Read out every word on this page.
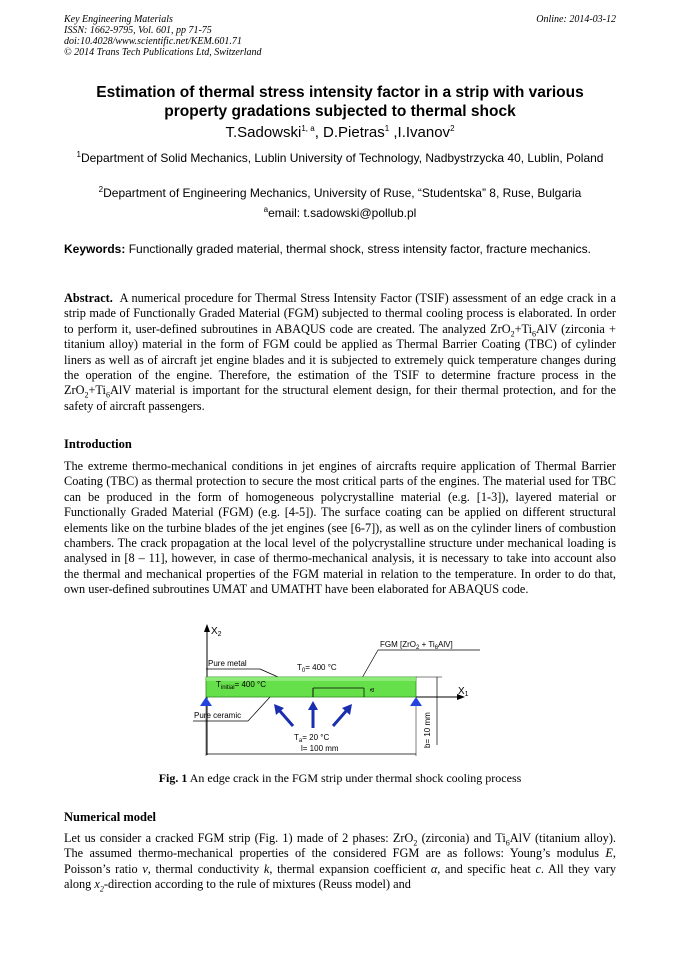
Key Engineering Materials
ISSN: 1662-9795, Vol. 601, pp 71-75
doi:10.4028/www.scientific.net/KEM.601.71
© 2014 Trans Tech Publications Ltd, Switzerland
Online: 2014-03-12
Estimation of thermal stress intensity factor in a strip with various property gradations subjected to thermal shock
T.Sadowski$^{1, a}$, D.Pietras$^1$ ,I.Ivanov$^2$
$^1$Department of Solid Mechanics, Lublin University of Technology, Nadbystrzycka 40, Lublin, Poland
$^2$Department of Engineering Mechanics, University of Ruse, “Studentska” 8, Ruse, Bulgaria
$^a$email: t.sadowski@pollub.pl
Keywords: Functionally graded material, thermal shock, stress intensity factor, fracture mechanics.
Abstract. A numerical procedure for Thermal Stress Intensity Factor (TSIF) assessment of an edge crack in a strip made of Functionally Graded Material (FGM) subjected to thermal cooling process is elaborated. In order to perform it, user-defined subroutines in ABAQUS code are created. The analyzed $ZrO_2+Ti_6AlV$ (zirconia + titanium alloy) material in the form of FGM could be applied as Thermal Barrier Coating (TBC) of cylinder liners as well as of aircraft jet engine blades and it is subjected to extremely quick temperature changes during the operation of the engine. Therefore, the estimation of the TSIF to determine fracture process in the $ZrO_2+Ti_6AlV$ material is important for the structural element design, for their thermal protection, and for the safety of aircraft passengers.
Introduction
The extreme thermo-mechanical conditions in jet engines of aircrafts require application of Thermal Barrier Coating (TBC) as thermal protection to secure the most critical parts of the engines. The material used for TBC can be produced in the form of homogeneous polycrystalline material (e.g. [1-3]), layered material or Functionally Graded Material (FGM) (e.g. [4-5]). The surface coating can be applied on different structural elements like on the turbine blades of the jet engines (see [6-7]), as well as on the cylinder liners of combustion chambers. The crack propagation at the local level of the polycrystalline structure under mechanical loading is analysed in [8 – 11], however, in case of thermo-mechanical analysis, it is necessary to take into account also the thermal and mechanical properties of the FGM material in relation to the temperature. In order to do that, own user-defined subroutines UMAT and UMATHT have been elaborated for ABAQUS code.
$X_2$
FGM $[ZrO_2 + Ti_6AlV]$
Pure metal	$T_0= 400$ °C
$T_{initial}= 400$ °C
a	$X_1$
Pure ceramic
$T_a= 20$ °C	b= 10 mm
l= 100 mm
Fig. 1 An edge crack in the FGM strip under thermal shock cooling process
Numerical model
Let us consider a cracked FGM strip (Fig. 1) made of 2 phases: ZrO$_2$ (zirconia) and $Ti_6AlV$ (titanium alloy). The assumed thermo-mechanical properties of the considered FGM are as follows: Young’s modulus E, Poisson’s ratio ν, thermal conductivity k, thermal expansion coefficient α, and specific heat c. All they vary along $x_2$-direction according to the rule of mixtures (Reuss model) and
